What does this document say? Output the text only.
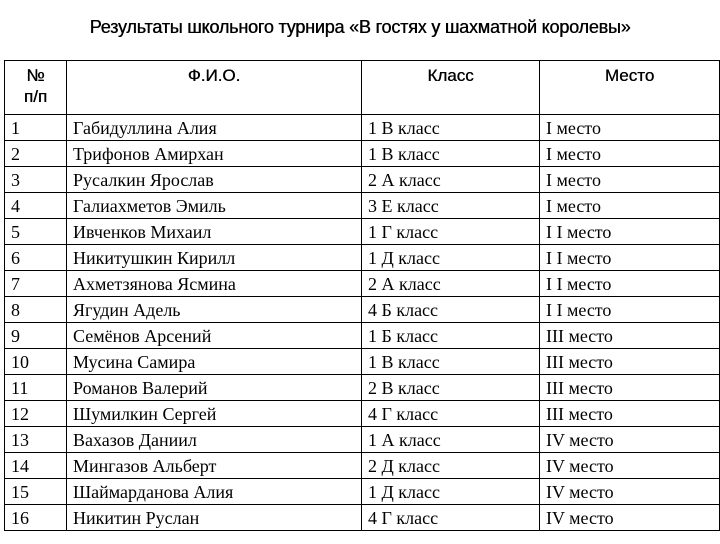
Результаты школьного турнира «В гостях у шахматной королевы»
№
п/п	Ф.И.О.	Класс	Место
1	Габидуллина Алия	1 В класс	I место
2	Трифонов Амирхан	1 В класс	I место
3	Русалкин Ярослав	2 А класс	I место
4	Галиахметов Эмиль	3 Е класс	I место
5	Ивченков Михаил	1 Г класс	I I место
6	Никитушкин Кирилл	1 Д класс	I I место
7	Ахметзянова Ясмина	2 А класс	I I место
8	Ягудин Адель	4 Б класс	I I место
9	Семёнов Арсений	1 Б класс	III место
10	Мусина Самира	1 В класс	III место
11	Романов Валерий	2 В класс	III место
12	Шумилкин Сергей	4 Г класс	III место
13	Вахазов Даниил	1 А класс	IV место
14	Мингазов Альберт	2 Д класс	IV место
15	Шаймарданова Алия	1 Д класс	IV место
16	Никитин Руслан	4 Г класс	IV место
